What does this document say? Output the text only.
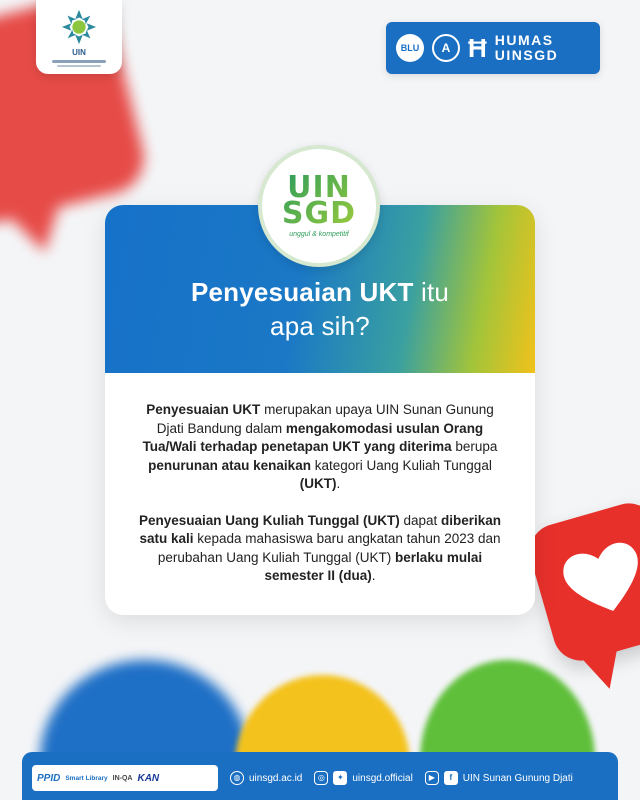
UIN	BLU	A Ħ HUMAS
UINSGD
Penyesuaian UKT itu
apa sih?

Penyesuaian UKT merupakan upaya UIN Sunan Gunung Djati Bandung dalam mengakomodasi usulan Orang Tua/Wali terhadap penetapan UKT yang diterima berupa penurunan atau kenaikan kategori Uang Kuliah Tunggal (UKT).

Penyesuaian Uang Kuliah Tunggal (UKT) dapat diberikan satu kali kepada mahasiswa baru angkatan tahun 2023 dan perubahan Uang Kuliah Tunggal (UKT) berlaku mulai semester II (dua).

UIN
SGD
unggul & kompetitif
PPID Smart Library IN-QA KAN	◍ uinsgd.ac.id	◎	✦ uinsgd.official	▶	f	UIN Sunan Gunung Djati
